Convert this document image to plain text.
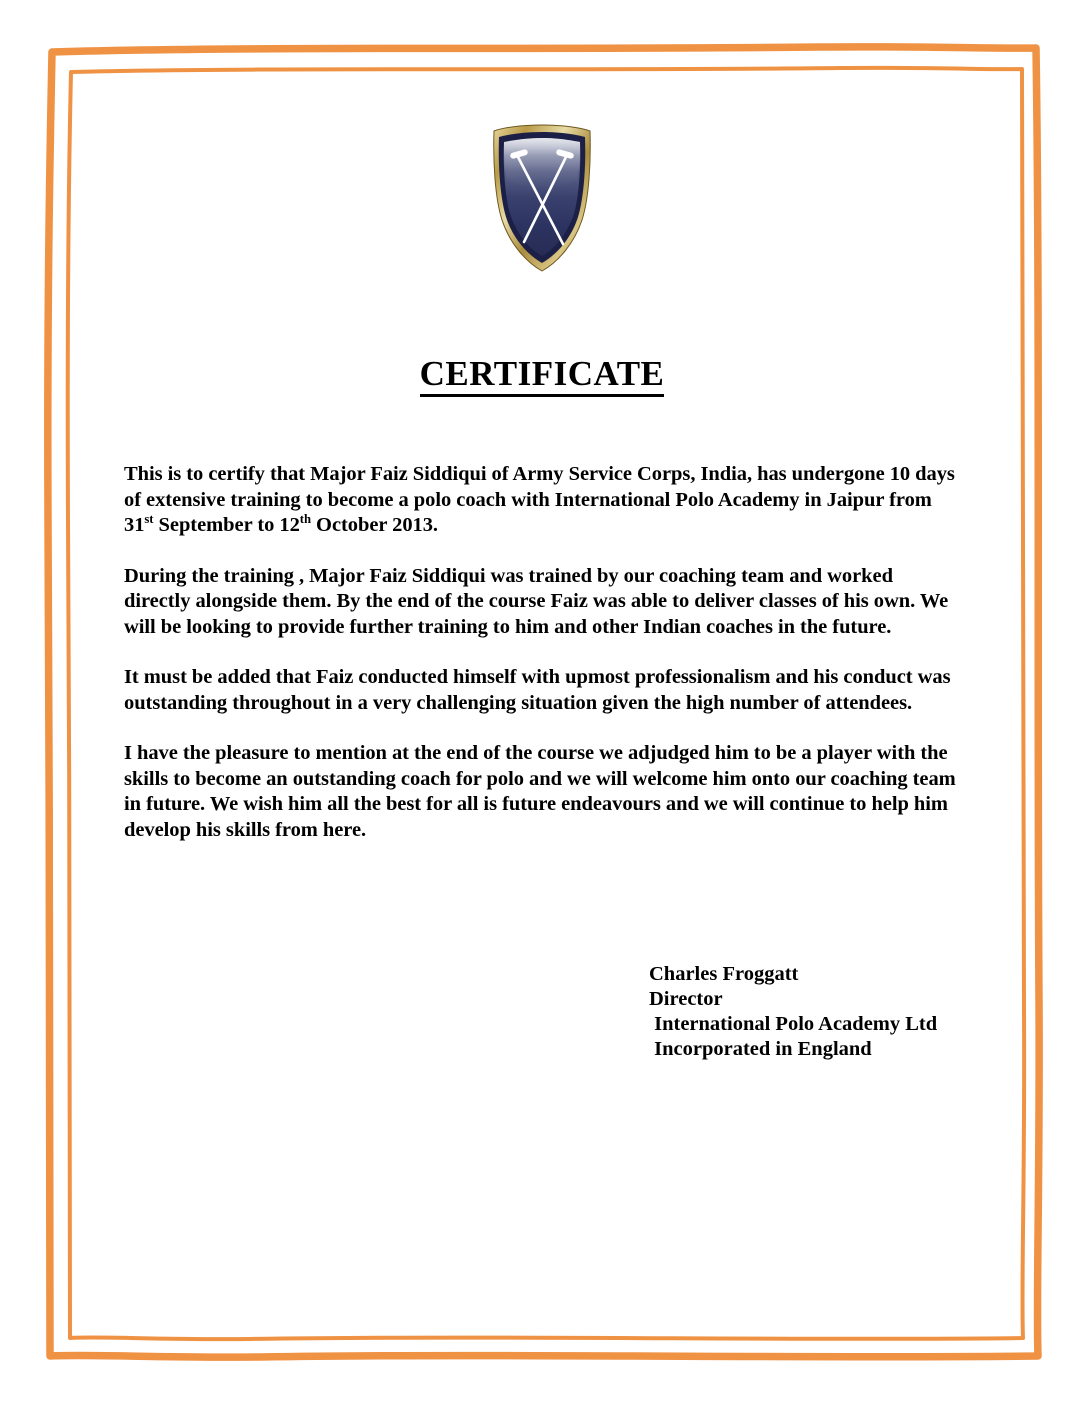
CERTIFICATE

This is to certify that Major Faiz Siddiqui of Army Service Corps, India, has undergone 10 days of extensive training to become a polo coach with International Polo Academy in Jaipur from 31st September to 12th October 2013.

During the training , Major Faiz Siddiqui was trained by our coaching team and worked directly alongside them. By the end of the course Faiz was able to deliver classes of his own. We will be looking to provide further training to him and other Indian coaches in the future.

It must be added that Faiz conducted himself with upmost professionalism and his conduct was outstanding throughout in a very challenging situation given the high number of attendees.

I have the pleasure to mention at the end of the course we adjudged him to be a player with the skills to become an outstanding coach for polo and we will welcome him onto our coaching team in future. We wish him all the best for all is future endeavours and we will continue to help him develop his skills from here.

Charles Froggatt
Director
International Polo Academy Ltd
Incorporated in England
